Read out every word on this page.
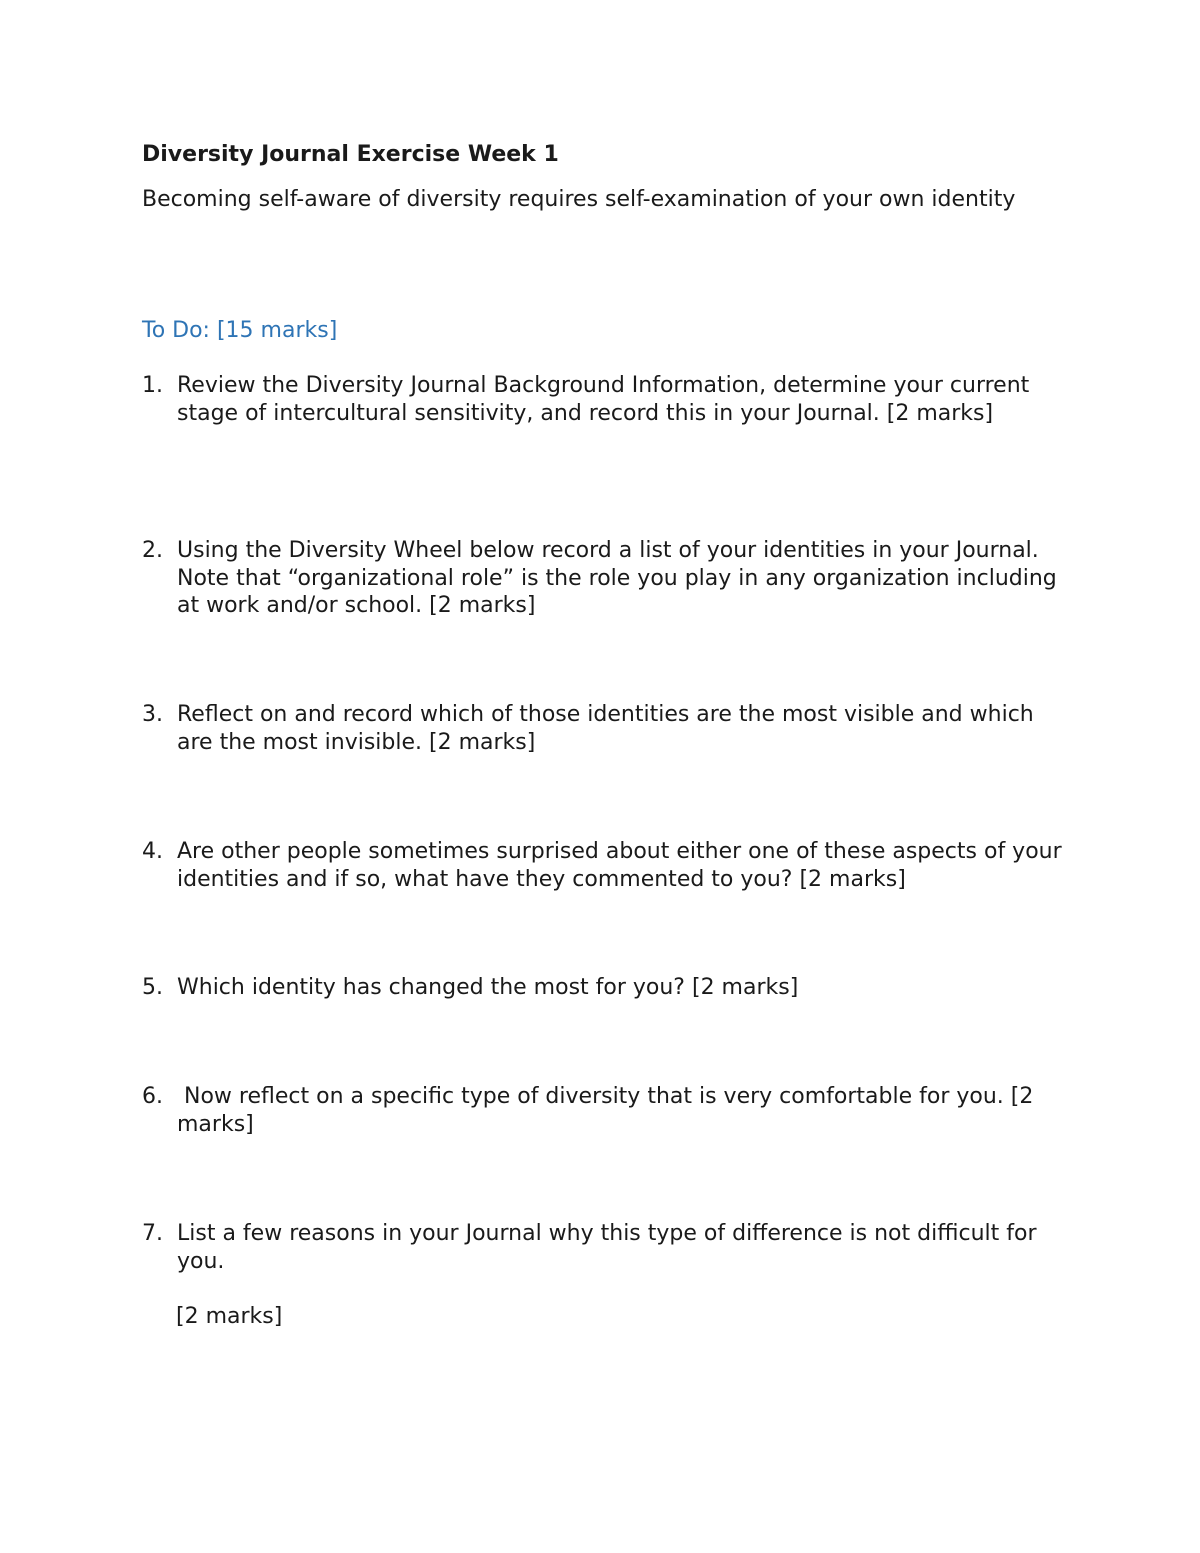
Diversity Journal Exercise Week 1

Becoming self-aware of diversity requires self-examination of your own identity

To Do: [15 marks]

1. Review the Diversity Journal Background Information, determine your current stage of intercultural sensitivity, and record this in your Journal. [2 marks]
2. Using the Diversity Wheel below record a list of your identities in your Journal. Note that “organizational role” is the role you play in any organization including at work and/or school. [2 marks]
3. Reflect on and record which of those identities are the most visible and which are the most invisible. [2 marks]
4. Are other people sometimes surprised about either one of these aspects of your identities and if so, what have they commented to you? [2 marks]
5. Which identity has changed the most for you? [2 marks]
6. Now reflect on a specific type of diversity that is very comfortable for you. [2 marks]
7. List a few reasons in your Journal why this type of difference is not difficult for you.
[2 marks]
